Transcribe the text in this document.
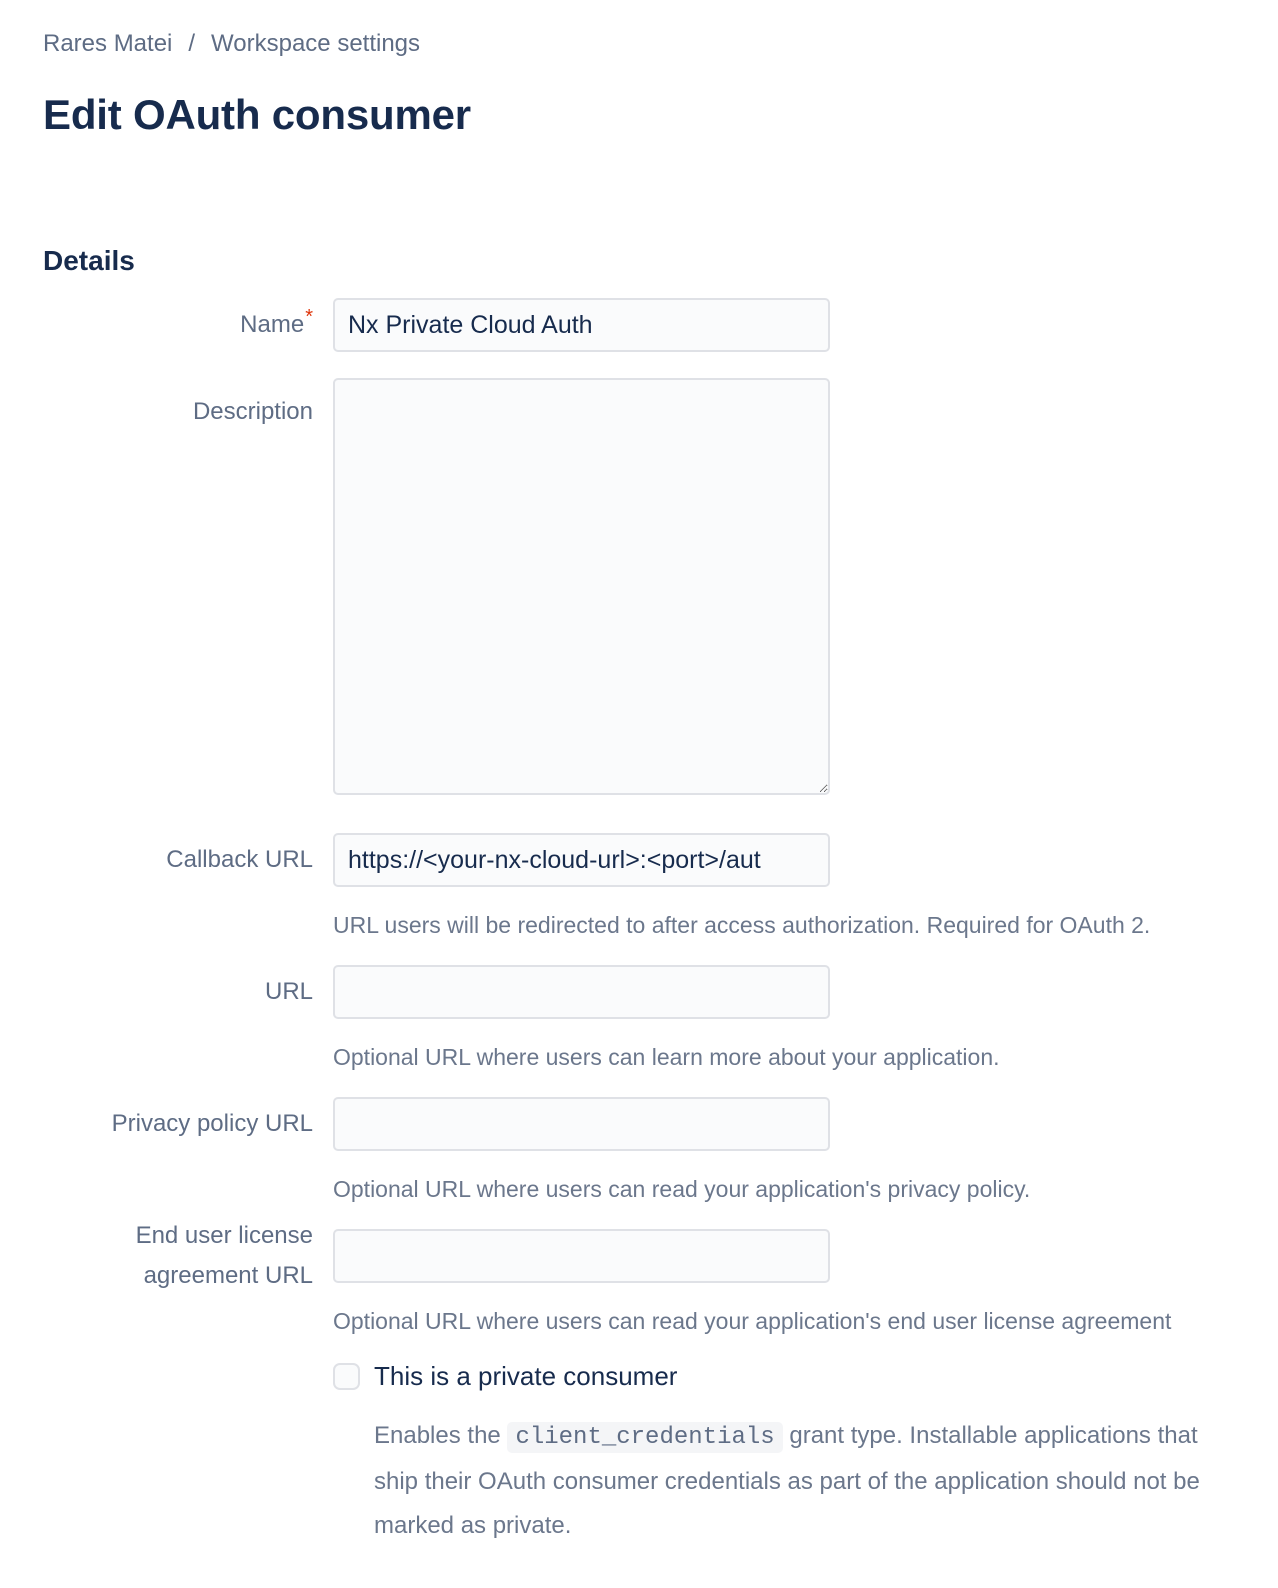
Rares Matei / Workspace settings
Edit OAuth consumer
Details
Name*
Nx Private Cloud Auth
Description
Callback URL
https://<your-nx-cloud-url>:<port>/aut
URL users will be redirected to after access authorization. Required for OAuth 2.
URL
Optional URL where users can learn more about your application.
Privacy policy URL
Optional URL where users can read your application's privacy policy.
End user license agreement URL
Optional URL where users can read your application's end user license agreement
This is a private consumer
Enables the client_credentials grant type. Installable applications that ship their OAuth consumer credentials as part of the application should not be marked as private.
